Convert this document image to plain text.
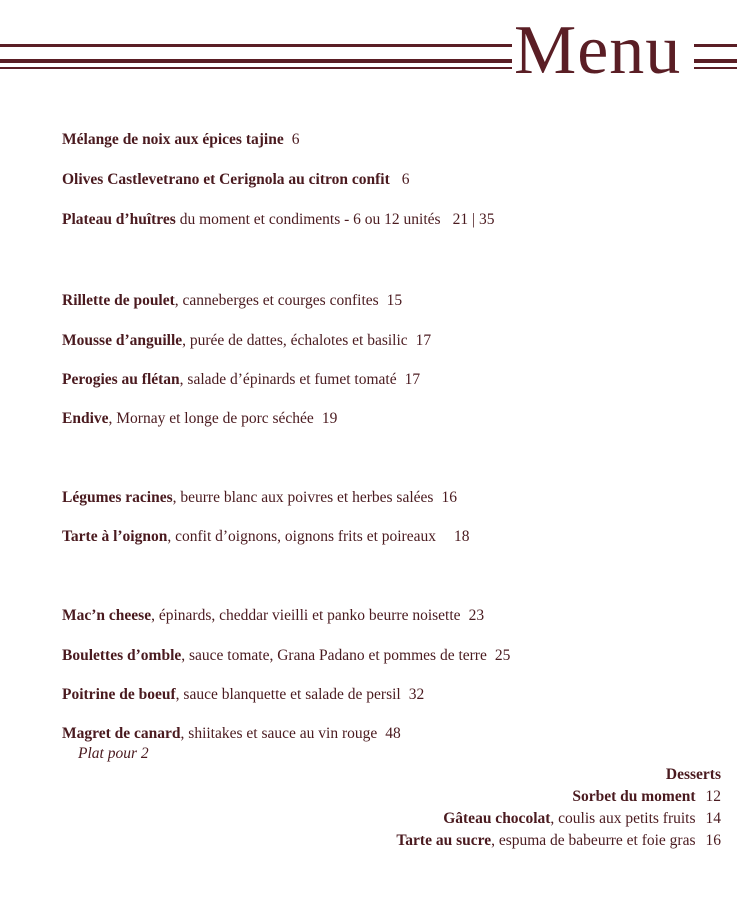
Menu
Mélange de noix aux épices tajine 6
Olives Castlevetrano et Cerignola au citron confit 6
Plateau d’huîtres du moment et condiments - 6 ou 12 unités 21 | 35
Rillette de poulet, canneberges et courges confites 15
Mousse d’anguille, purée de dattes, échalotes et basilic 17
Perogies au flétan, salade d’épinards et fumet tomaté 17
Endive, Mornay et longe de porc séchée 19
Légumes racines, beurre blanc aux poivres et herbes salées 16
Tarte à l’oignon, confit d’oignons, oignons frits et poireaux 18
Mac’n cheese, épinards, cheddar vieilli et panko beurre noisette 23
Boulettes d’omble, sauce tomate, Grana Padano et pommes de terre 25
Poitrine de boeuf, sauce blanquette et salade de persil 32
Magret de canard, shiitakes et sauce au vin rouge 48
Plat pour 2
Desserts
Sorbet du moment 12
Gâteau chocolat, coulis aux petits fruits 14
Tarte au sucre, espuma de babeurre et foie gras 16
